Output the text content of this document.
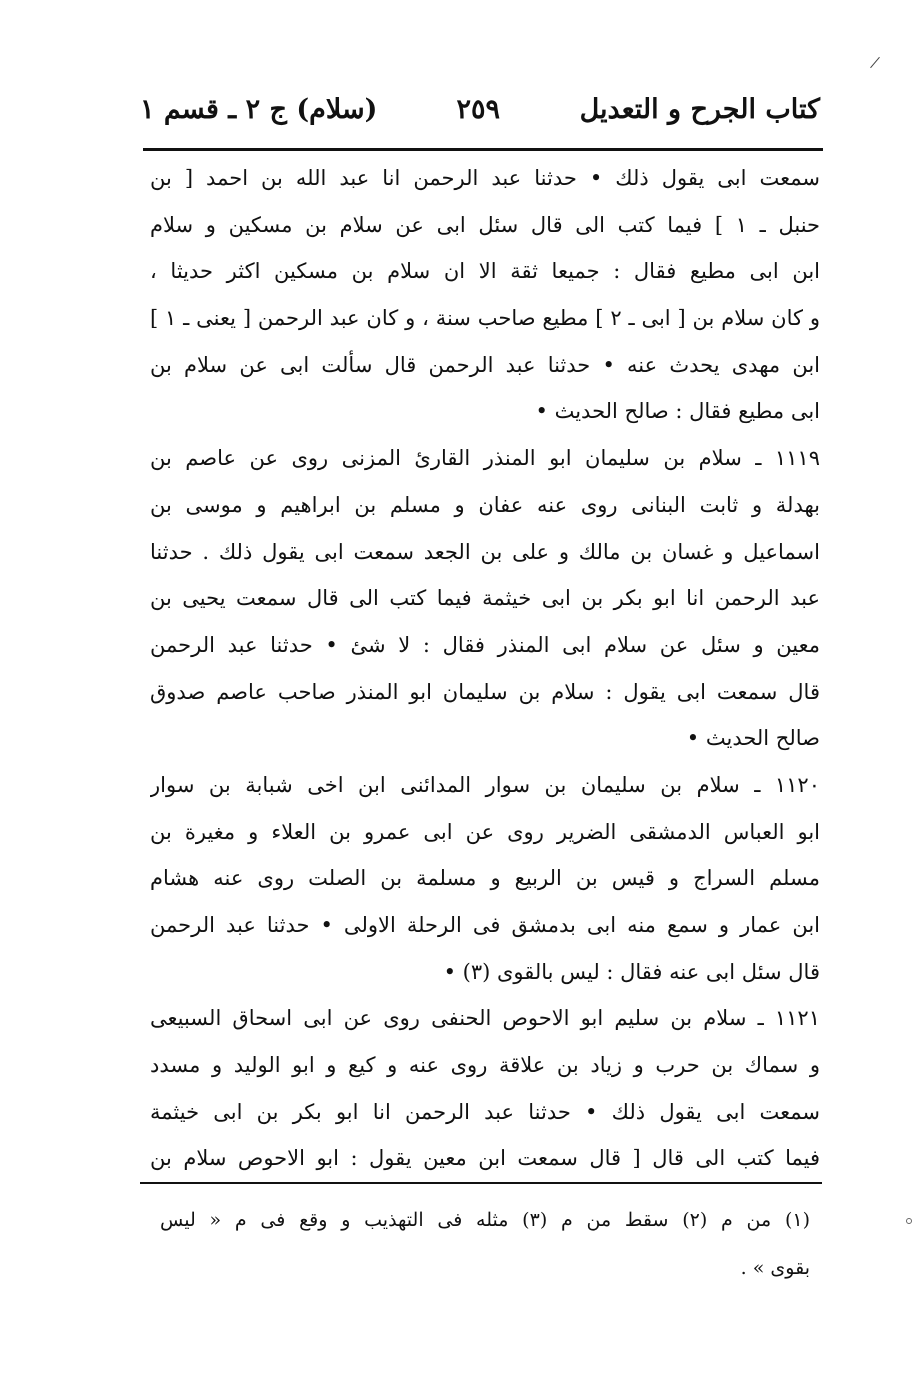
كتاب الجرح و التعديل
٢٥٩
(سلام) ج ٢ ـ قسم ١
سمعت ابى يقول ذلك • حدثنا عبد الرحمن انا عبد الله بن احمد [ بن
حنبل ـ ١ ] فيما كتب الى قال سئل ابى عن سلام بن مسكين و سلام
ابن ابى مطيع فقال : جميعا ثقة الا ان سلام بن مسكين اكثر حديثا ،
و كان سلام بن [ ابى ـ ٢ ] مطيع صاحب سنة ، و كان عبد الرحمن [ يعنى ـ ١ ]
ابن مهدى يحدث عنه • حدثنا عبد الرحمن قال سألت ابى عن سلام بن
ابى مطيع فقال : صالح الحديث •
١١١٩ ـ سلام بن سليمان ابو المنذر القارئ المزنى روى عن عاصم بن
بهدلة و ثابت البنانى روى عنه عفان و مسلم بن ابراهيم و موسى بن
اسماعيل و غسان بن مالك و على بن الجعد سمعت ابى يقول ذلك . حدثنا
عبد الرحمن انا ابو بكر بن ابى خيثمة فيما كتب الى قال سمعت يحيى بن
معين و سئل عن سلام ابى المنذر فقال : لا شئ • حدثنا عبد الرحمن
قال سمعت ابى يقول : سلام بن سليمان ابو المنذر صاحب عاصم صدوق
صالح الحديث •
١١٢٠ ـ سلام بن سليمان بن سوار المدائنى ابن اخى شبابة بن سوار
ابو العباس الدمشقى الضرير روى عن ابى عمرو بن العلاء و مغيرة بن
مسلم السراج و قيس بن الربيع و مسلمة بن الصلت روى عنه هشام
ابن عمار و سمع منه ابى بدمشق فى الرحلة الاولى • حدثنا عبد الرحمن
قال سئل ابى عنه فقال : ليس بالقوى (٣) •
١١٢١ ـ سلام بن سليم ابو الاحوص الحنفى روى عن ابى اسحاق السبيعى
و سماك بن حرب و زياد بن علاقة روى عنه و كيع و ابو الوليد و مسدد
سمعت ابى يقول ذلك • حدثنا عبد الرحمن انا ابو بكر بن ابى خيثمة
فيما كتب الى قال [ قال سمعت ابن معين يقول : ابو الاحوص سلام بن
(١) من م (٢) سقط من م (٣) مثله فى التهذيب و وقع فى م « ليس
بقوى » .
